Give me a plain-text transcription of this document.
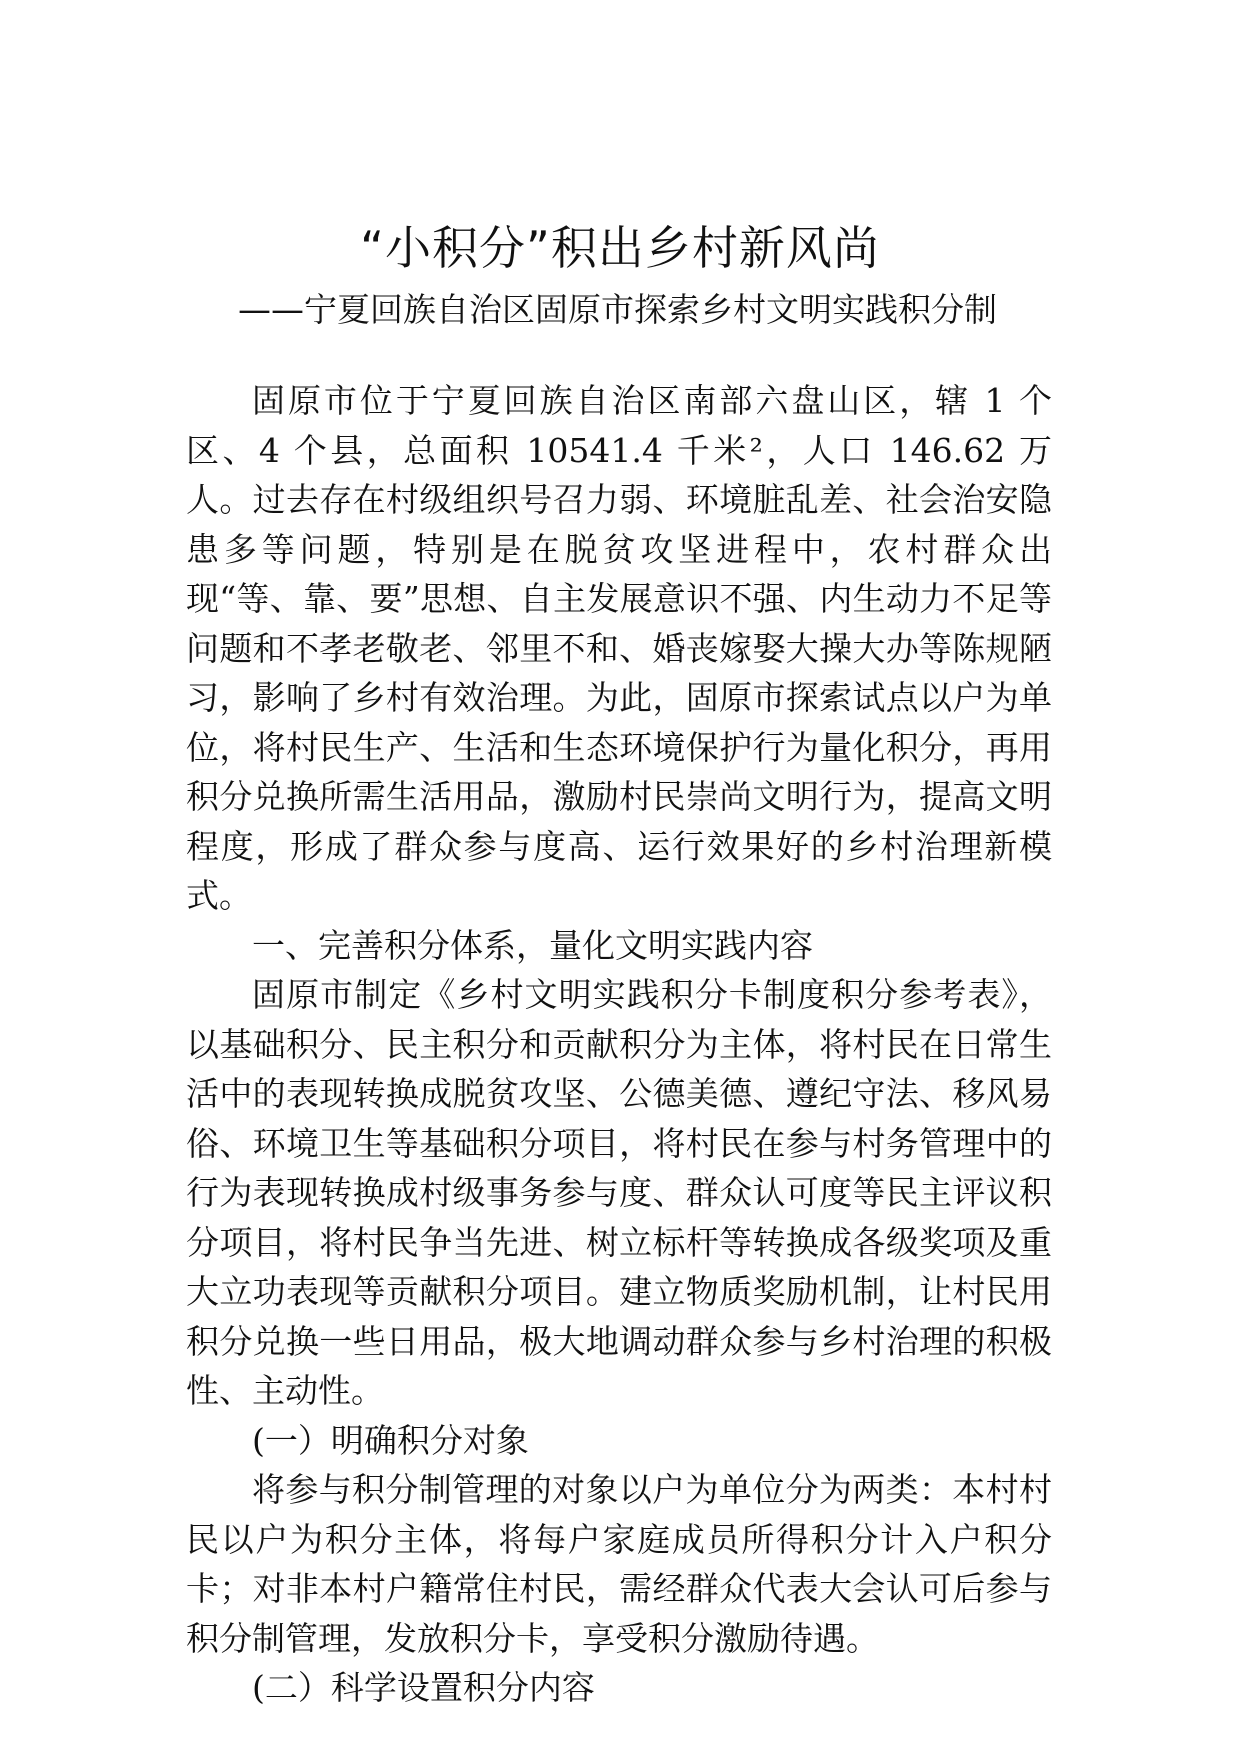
“小积分”积出乡村新风尚
——宁夏回族自治区固原市探索乡村文明实践积分制

固原市位于宁夏回族自治区南部六盘山区，辖 1 个区、4 个县，总面积 10541.4 千米²，人口 146.62 万人。过去存在村级组织号召力弱、环境脏乱差、社会治安隐患多等问题，特别是在脱贫攻坚进程中，农村群众出现“等、靠、要”思想、自主发展意识不强、内生动力不足等问题和不孝老敬老、邻里不和、婚丧嫁娶大操大办等陈规陋习，影响了乡村有效治理。为此，固原市探索试点以户为单位，将村民生产、生活和生态环境保护行为量化积分，再用积分兑换所需生活用品，激励村民崇尚文明行为，提高文明程度，形成了群众参与度高、运行效果好的乡村治理新模式。

一、完善积分体系，量化文明实践内容

固原市制定《乡村文明实践积分卡制度积分参考表》，以基础积分、民主积分和贡献积分为主体，将村民在日常生活中的表现转换成脱贫攻坚、公德美德、遵纪守法、移风易俗、环境卫生等基础积分项目，将村民在参与村务管理中的行为表现转换成村级事务参与度、群众认可度等民主评议积分项目，将村民争当先进、树立标杆等转换成各级奖项及重大立功表现等贡献积分项目。建立物质奖励机制，让村民用积分兑换一些日用品，极大地调动群众参与乡村治理的积极性、主动性。

(一）明确积分对象

将参与积分制管理的对象以户为单位分为两类：本村村民以户为积分主体，将每户家庭成员所得积分计入户积分卡；对非本村户籍常住村民，需经群众代表大会认可后参与积分制管理，发放积分卡，享受积分激励待遇。

(二）科学设置积分内容
